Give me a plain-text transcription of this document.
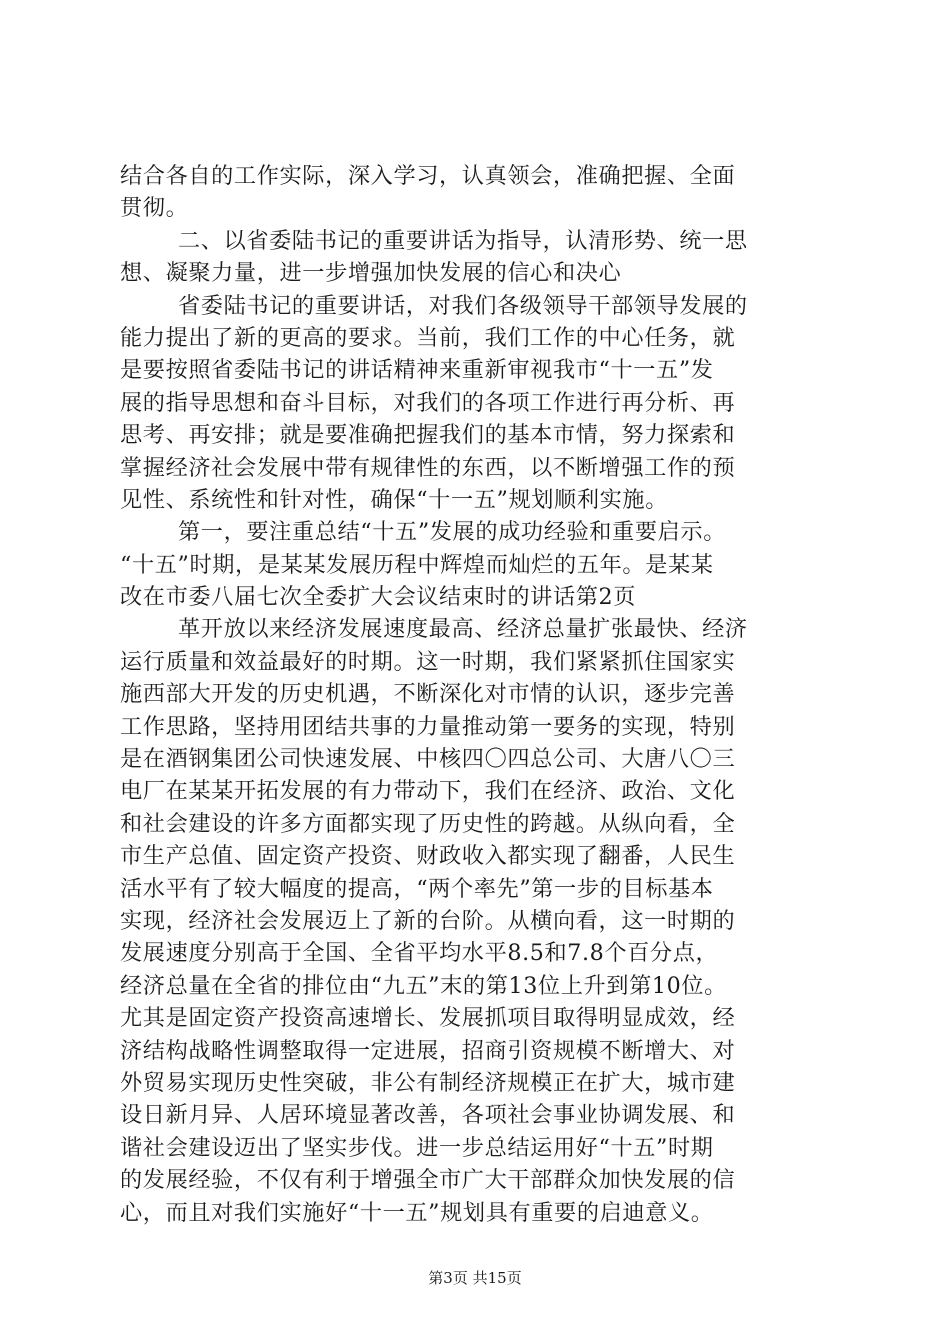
结合各自的工作实际，深入学习，认真领会，准确把握、全面
贯彻。
二、以省委陆书记的重要讲话为指导，认清形势、统一思
想、凝聚力量，进一步增强加快发展的信心和决心
省委陆书记的重要讲话，对我们各级领导干部领导发展的
能力提出了新的更高的要求。当前，我们工作的中心任务，就
是要按照省委陆书记的讲话精神来重新审视我市“十一五”发
展的指导思想和奋斗目标，对我们的各项工作进行再分析、再
思考、再安排；就是要准确把握我们的基本市情，努力探索和
掌握经济社会发展中带有规律性的东西，以不断增强工作的预
见性、系统性和针对性，确保“十一五”规划顺利实施。
第一，要注重总结“十五”发展的成功经验和重要启示。
“十五”时期，是某某发展历程中辉煌而灿烂的五年。是某某
改在市委八届七次全委扩大会议结束时的讲话第2页
革开放以来经济发展速度最高、经济总量扩张最快、经济
运行质量和效益最好的时期。这一时期，我们紧紧抓住国家实
施西部大开发的历史机遇，不断深化对市情的认识，逐步完善
工作思路，坚持用团结共事的力量推动第一要务的实现，特别
是在酒钢集团公司快速发展、中核四〇四总公司、大唐八〇三
电厂在某某开拓发展的有力带动下，我们在经济、政治、文化
和社会建设的许多方面都实现了历史性的跨越。从纵向看，全
市生产总值、固定资产投资、财政收入都实现了翻番，人民生
活水平有了较大幅度的提高，“两个率先”第一步的目标基本
实现，经济社会发展迈上了新的台阶。从横向看，这一时期的
发展速度分别高于全国、全省平均水平8.5和7.8个百分点，
经济总量在全省的排位由“九五”末的第13位上升到第10位。
尤其是固定资产投资高速增长、发展抓项目取得明显成效，经
济结构战略性调整取得一定进展，招商引资规模不断增大、对
外贸易实现历史性突破，非公有制经济规模正在扩大，城市建
设日新月异、人居环境显著改善，各项社会事业协调发展、和
谐社会建设迈出了坚实步伐。进一步总结运用好“十五”时期
的发展经验，不仅有利于增强全市广大干部群众加快发展的信
心，而且对我们实施好“十一五”规划具有重要的启迪意义。
第3页 共15页
